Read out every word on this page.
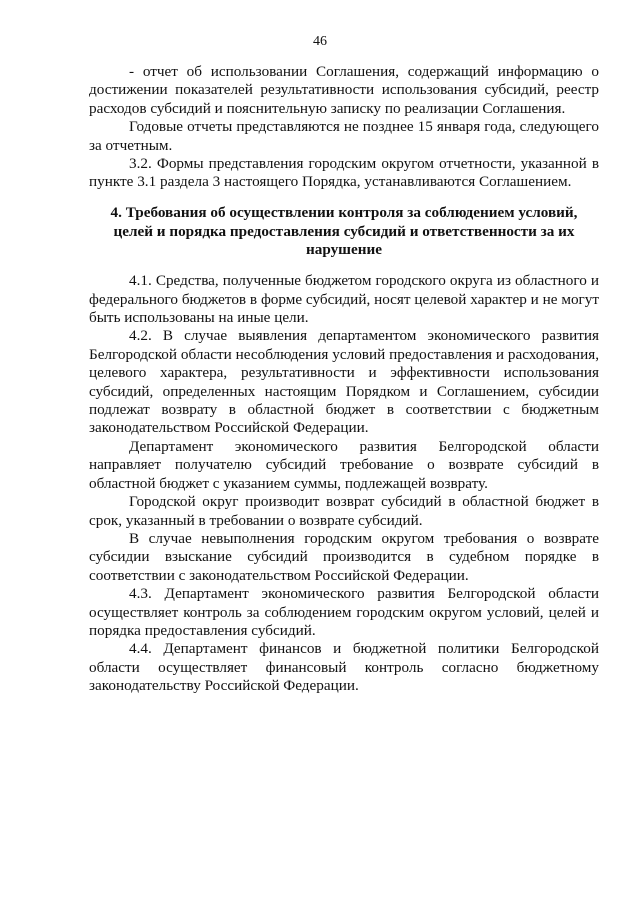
46

- отчет об использовании Соглашения, содержащий информацию о достижении показателей результативности использования субсидий, реестр расходов субсидий и пояснительную записку по реализации Соглашения.

Годовые отчеты представляются не позднее 15 января года, следующего за отчетным.

3.2. Формы представления городским округом отчетности, указанной в пункте 3.1 раздела 3 настоящего Порядка, устанавливаются Соглашением.

4. Требования об осуществлении контроля за соблюдением условий, целей и порядка предоставления субсидий и ответственности за их нарушение

4.1. Средства, полученные бюджетом городского округа из областного и федерального бюджетов в форме субсидий, носят целевой характер и не могут быть использованы на иные цели.

4.2. В случае выявления департаментом экономического развития Белгородской области несоблюдения условий предоставления и расходования, целевого характера, результативности и эффективности использования субсидий, определенных настоящим Порядком и Соглашением, субсидии подлежат возврату в областной бюджет в соответствии с бюджетным законодательством Российской Федерации.

Департамент экономического развития Белгородской области направляет получателю субсидий требование о возврате субсидий в областной бюджет с указанием суммы, подлежащей возврату.

Городской округ производит возврат субсидий в областной бюджет в срок, указанный в требовании о возврате субсидий.

В случае невыполнения городским округом требования о возврате субсидии взыскание субсидий производится в судебном порядке в соответствии с законодательством Российской Федерации.

4.3. Департамент экономического развития Белгородской области осуществляет контроль за соблюдением городским округом условий, целей и порядка предоставления субсидий.

4.4. Департамент финансов и бюджетной политики Белгородской области осуществляет финансовый контроль согласно бюджетному законодательству Российской Федерации.
